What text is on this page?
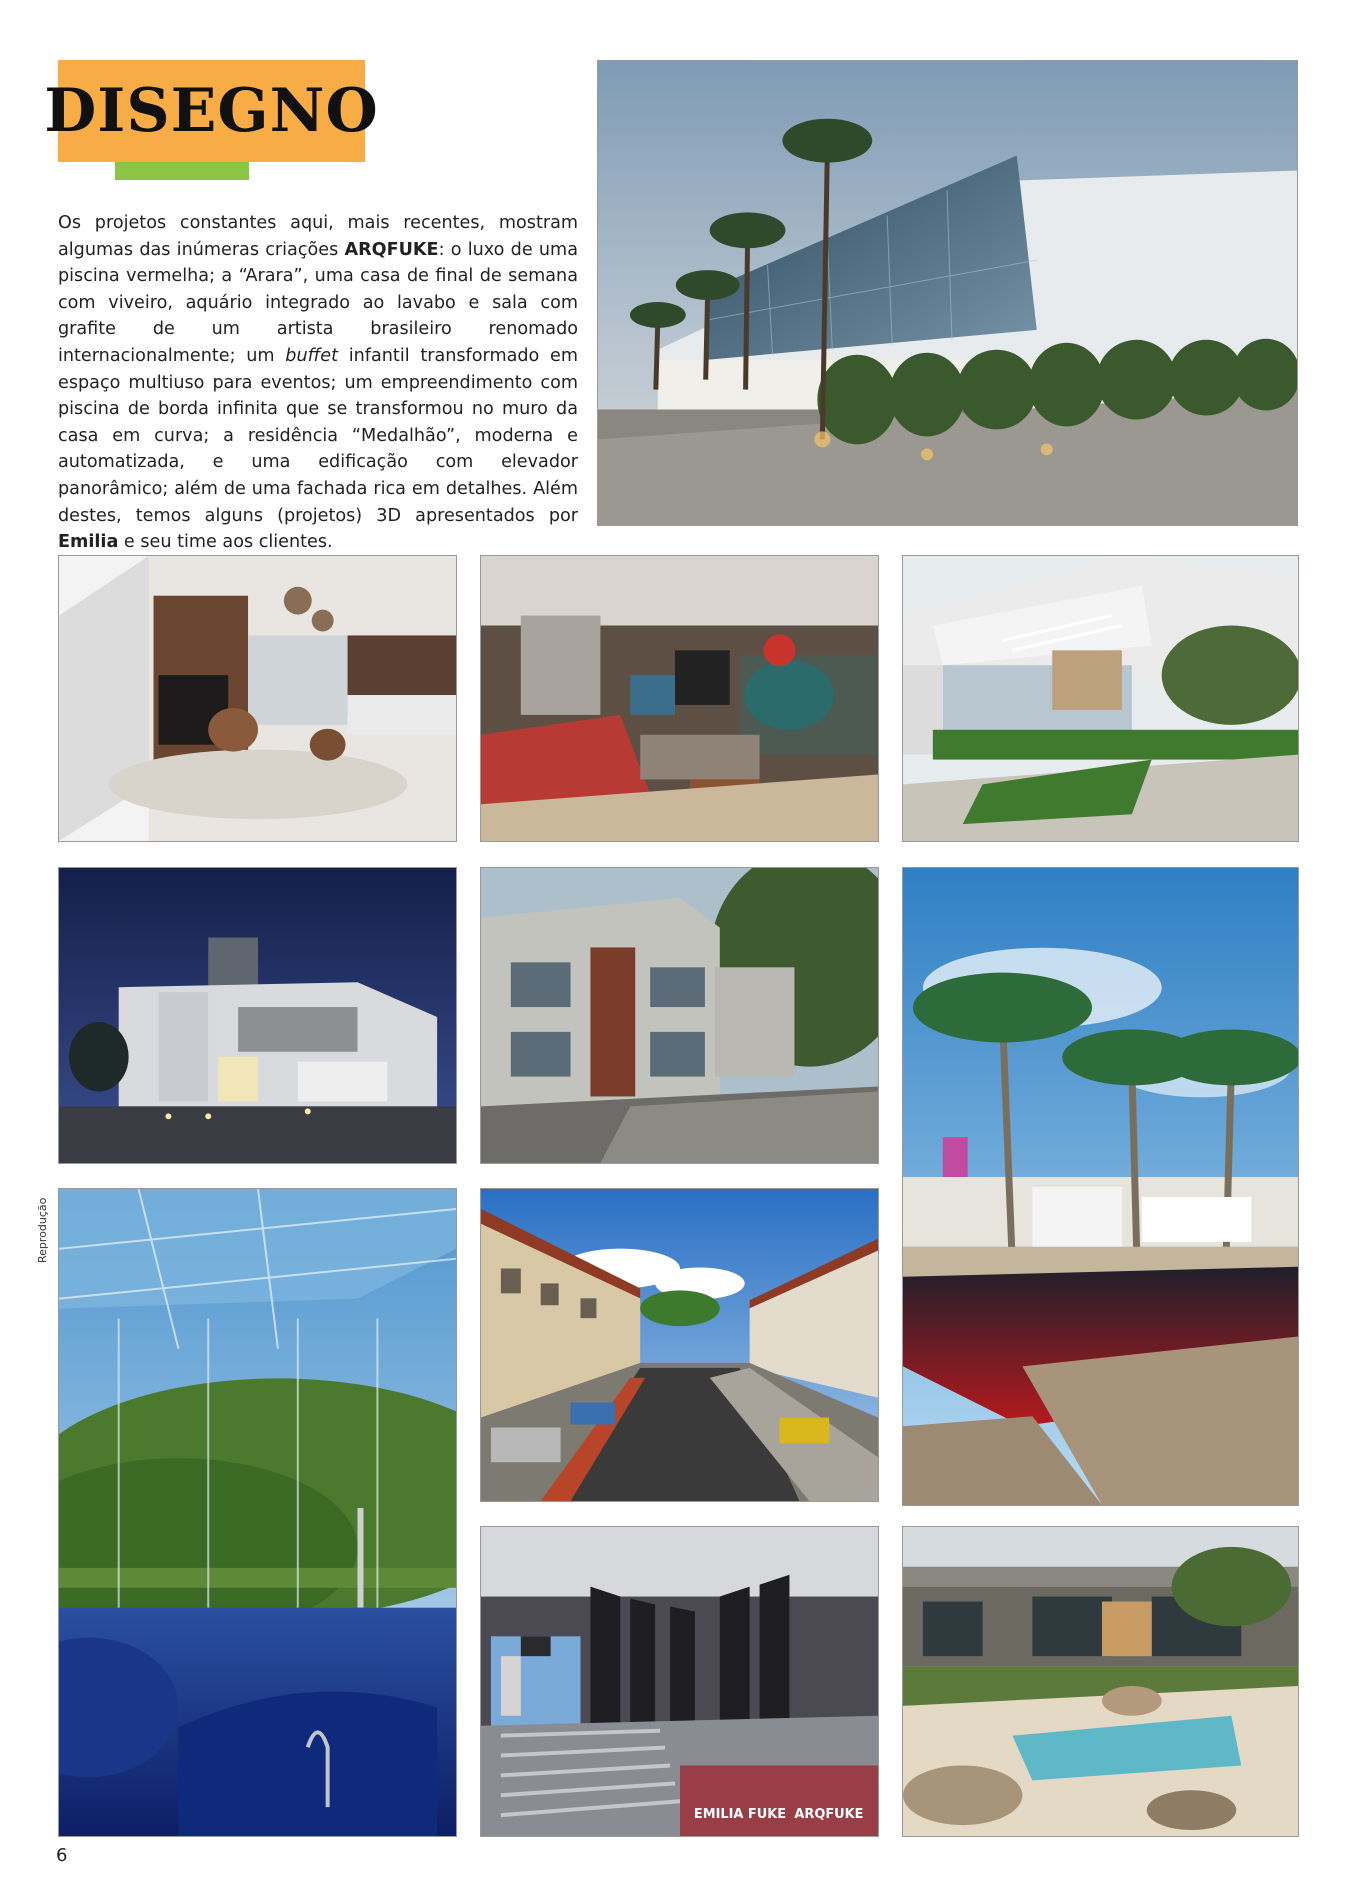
DISEGNO

Os projetos constantes aqui, mais recentes, mostram algumas das inúmeras criações ARQFUKE: o luxo de uma piscina vermelha; a “Arara”, uma casa de final de semana com viveiro, aquário integrado ao lavabo e sala com grafite de um artista brasileiro renomado internacionalmente; um buffet infantil transformado em espaço multiuso para eventos; um empreendimento com piscina de borda infinita que se transformou no muro da casa em curva; a residência “Medalhão”, moderna e automatizada, e uma edificação com elevador panorâmico; além de uma fachada rica em detalhes. Além destes, temos alguns (projetos) 3D apresentados por Emilia e seu time aos clientes.

EMILIA FUKE ARQFUKE
Reprodução
6
